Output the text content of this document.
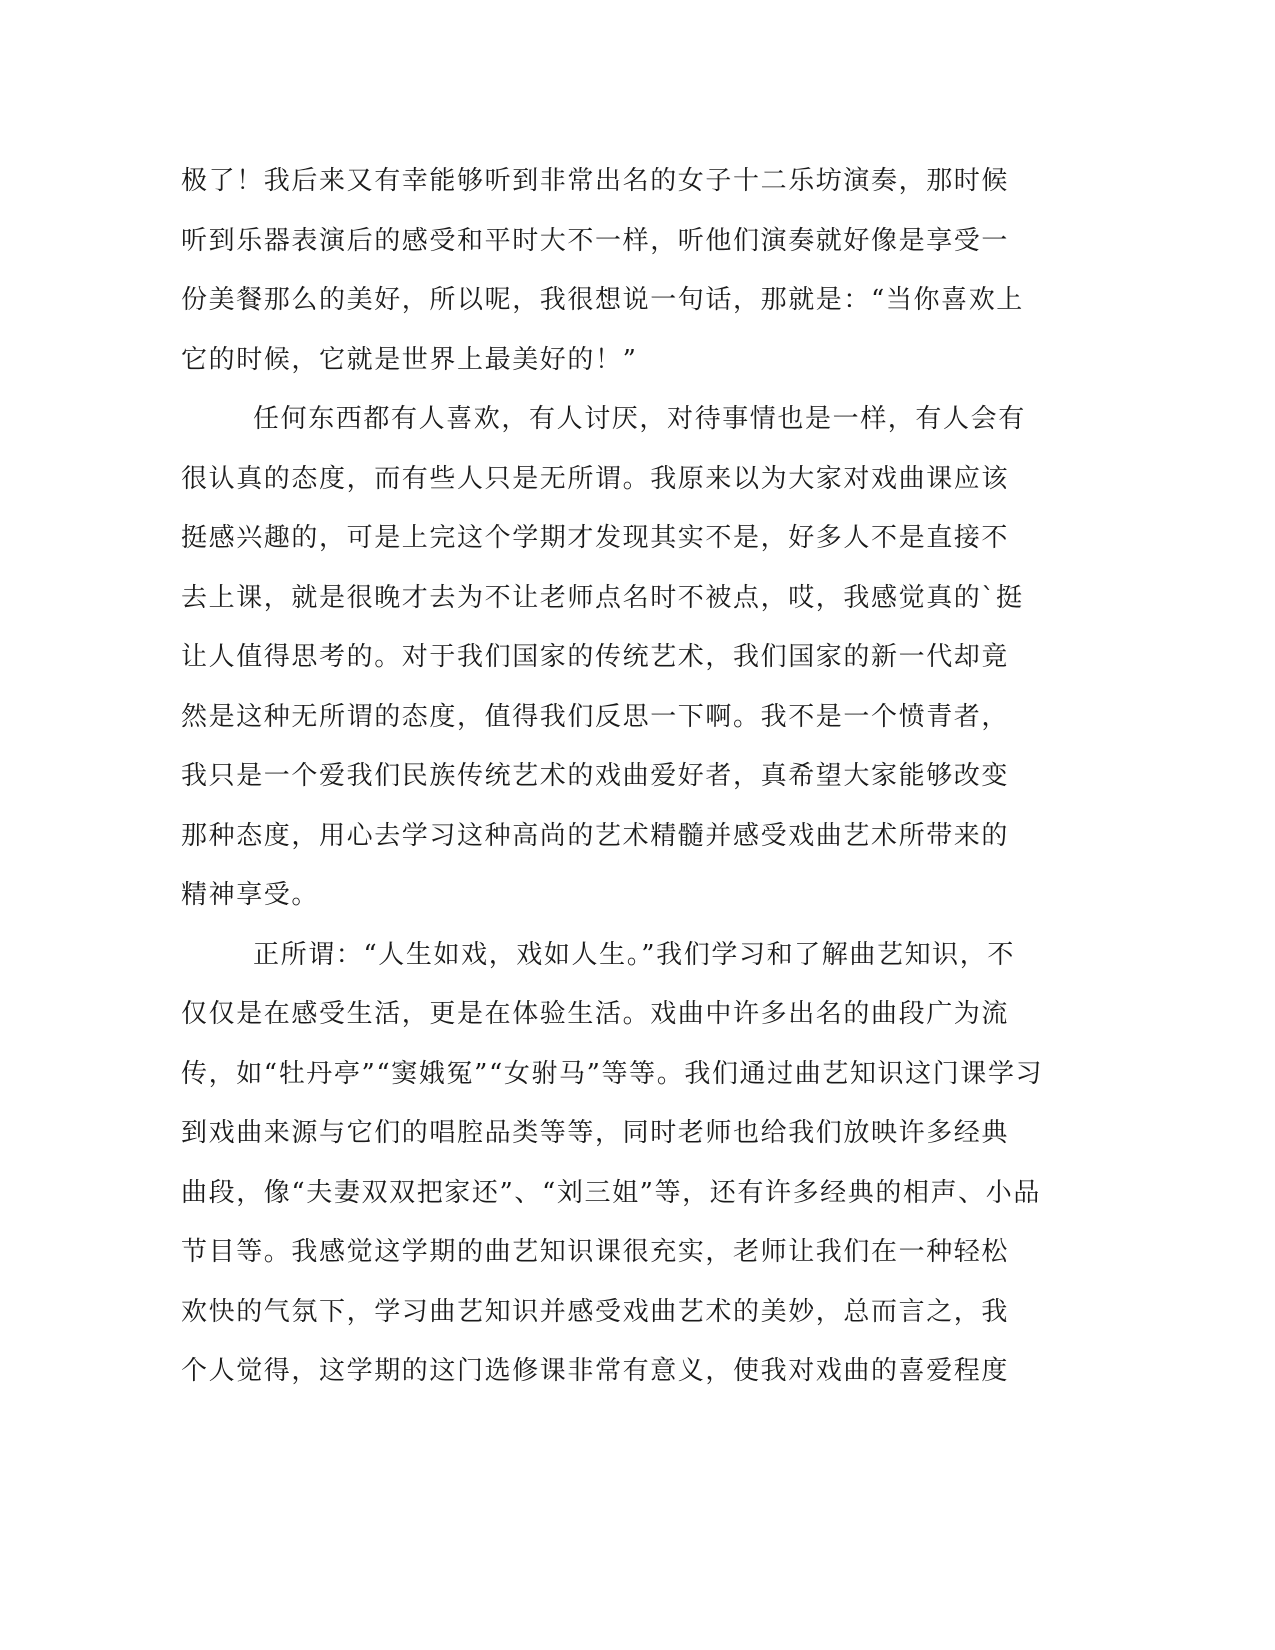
极了！我后来又有幸能够听到非常出名的女子十二乐坊演奏，那时候
听到乐器表演后的感受和平时大不一样，听他们演奏就好像是享受一
份美餐那么的美好，所以呢，我很想说一句话，那就是：“当你喜欢上
它的时候，它就是世界上最美好的！”
任何东西都有人喜欢，有人讨厌，对待事情也是一样，有人会有
很认真的态度，而有些人只是无所谓。我原来以为大家对戏曲课应该
挺感兴趣的，可是上完这个学期才发现其实不是，好多人不是直接不
去上课，就是很晚才去为不让老师点名时不被点，哎，我感觉真的`挺
让人值得思考的。对于我们国家的传统艺术，我们国家的新一代却竟
然是这种无所谓的态度，值得我们反思一下啊。我不是一个愤青者，
我只是一个爱我们民族传统艺术的戏曲爱好者，真希望大家能够改变
那种态度，用心去学习这种高尚的艺术精髓并感受戏曲艺术所带来的
精神享受。
正所谓：“人生如戏，戏如人生。”我们学习和了解曲艺知识，不
仅仅是在感受生活，更是在体验生活。戏曲中许多出名的曲段广为流
传，如“牡丹亭”“窦娥冤”“女驸马”等等。我们通过曲艺知识这门课学习
到戏曲来源与它们的唱腔品类等等，同时老师也给我们放映许多经典
曲段，像“夫妻双双把家还”、“刘三姐”等，还有许多经典的相声、小品
节目等。我感觉这学期的曲艺知识课很充实，老师让我们在一种轻松
欢快的气氛下，学习曲艺知识并感受戏曲艺术的美妙，总而言之，我
个人觉得，这学期的这门选修课非常有意义，使我对戏曲的喜爱程度
